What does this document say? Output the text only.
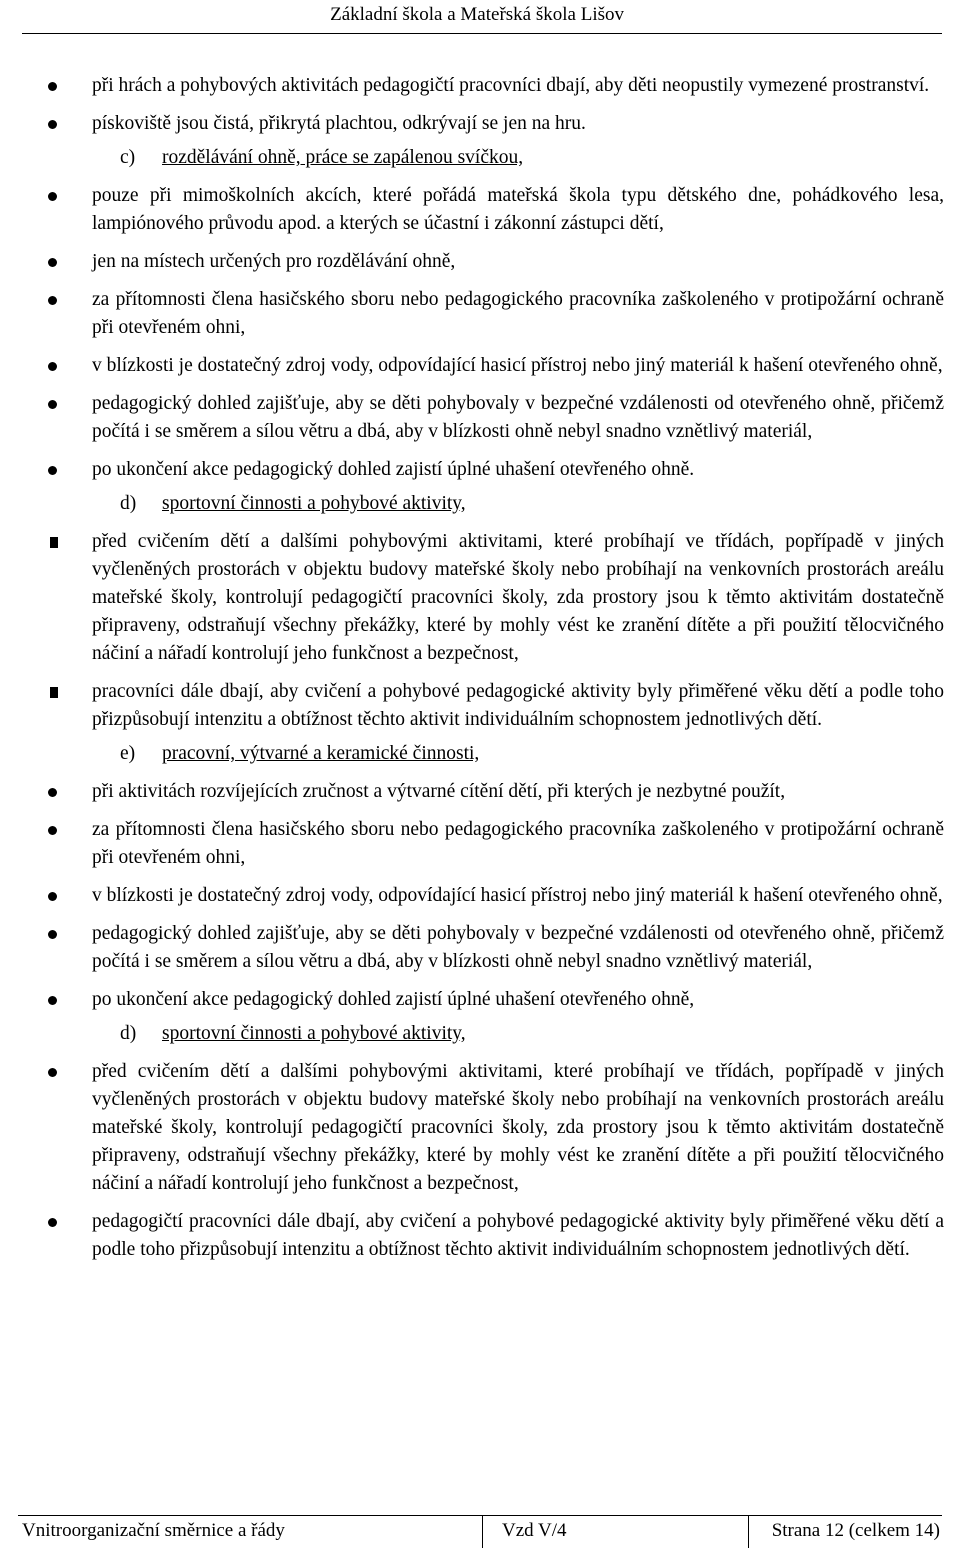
Základní škola a Mateřská škola Lišov
při hrách a pohybových aktivitách pedagogičtí pracovníci dbají, aby děti neopustily vymezené prostranství.
pískoviště jsou čistá, přikrytá plachtou, odkrývají se jen na hru.
c) rozdělávání ohně, práce se zapálenou svíčkou,
pouze při mimoškolních akcích, které pořádá mateřská škola typu dětského dne, pohádkového lesa, lampiónového průvodu apod. a kterých se účastní i zákonní zástupci dětí,
jen na místech určených pro rozdělávání ohně,
za přítomnosti člena hasičského sboru nebo pedagogického pracovníka zaškoleného v protipožární ochraně při otevřeném ohni,
v blízkosti je dostatečný zdroj vody, odpovídající hasicí přístroj nebo jiný materiál k hašení otevřeného ohně,
pedagogický dohled zajišťuje, aby se děti pohybovaly v bezpečné vzdálenosti od otevřeného ohně, přičemž počítá i se směrem a sílou větru a dbá, aby v blízkosti ohně nebyl snadno vznětlivý materiál,
po ukončení akce pedagogický dohled zajistí úplné uhašení otevřeného ohně.
d) sportovní činnosti a pohybové aktivity,
před cvičením dětí a dalšími pohybovými aktivitami, které probíhají ve třídách, popřípadě v jiných vyčleněných prostorách v objektu budovy mateřské školy nebo probíhají na venkovních prostorách areálu mateřské školy, kontrolují pedagogičtí pracovníci školy, zda prostory jsou k těmto aktivitám dostatečně připraveny, odstraňují všechny překážky, které by mohly vést ke zranění dítěte a při použití tělocvičného náčiní a nářadí kontrolují jeho funkčnost a bezpečnost,
pracovníci dále dbají, aby cvičení a pohybové pedagogické aktivity byly přiměřené věku dětí a podle toho přizpůsobují intenzitu a obtížnost těchto aktivit individuálním schopnostem jednotlivých dětí.
e) pracovní, výtvarné a keramické činnosti,
při aktivitách rozvíjejících zručnost a výtvarné cítění dětí, při kterých je nezbytné použít,
za přítomnosti člena hasičského sboru nebo pedagogického pracovníka zaškoleného v protipožární ochraně při otevřeném ohni,
v blízkosti je dostatečný zdroj vody, odpovídající hasicí přístroj nebo jiný materiál k hašení otevřeného ohně,
pedagogický dohled zajišťuje, aby se děti pohybovaly v bezpečné vzdálenosti od otevřeného ohně, přičemž počítá i se směrem a sílou větru a dbá, aby v blízkosti ohně nebyl snadno vznětlivý materiál,
po ukončení akce pedagogický dohled zajistí úplné uhašení otevřeného ohně,
d) sportovní činnosti a pohybové aktivity,
před cvičením dětí a dalšími pohybovými aktivitami, které probíhají ve třídách, popřípadě v jiných vyčleněných prostorách v objektu budovy mateřské školy nebo probíhají na venkovních prostorách areálu mateřské školy, kontrolují pedagogičtí pracovníci školy, zda prostory jsou k těmto aktivitám dostatečně připraveny, odstraňují všechny překážky, které by mohly vést ke zranění dítěte a při použití tělocvičného náčiní a nářadí kontrolují jeho funkčnost a bezpečnost,
pedagogičtí pracovníci dále dbají, aby cvičení a pohybové pedagogické aktivity byly přiměřené věku dětí a podle toho přizpůsobují intenzitu a obtížnost těchto aktivit individuálním schopnostem jednotlivých dětí.
Vnitroorganizační směrnice a řády	Vzd V/4	Strana 12 (celkem 14)
